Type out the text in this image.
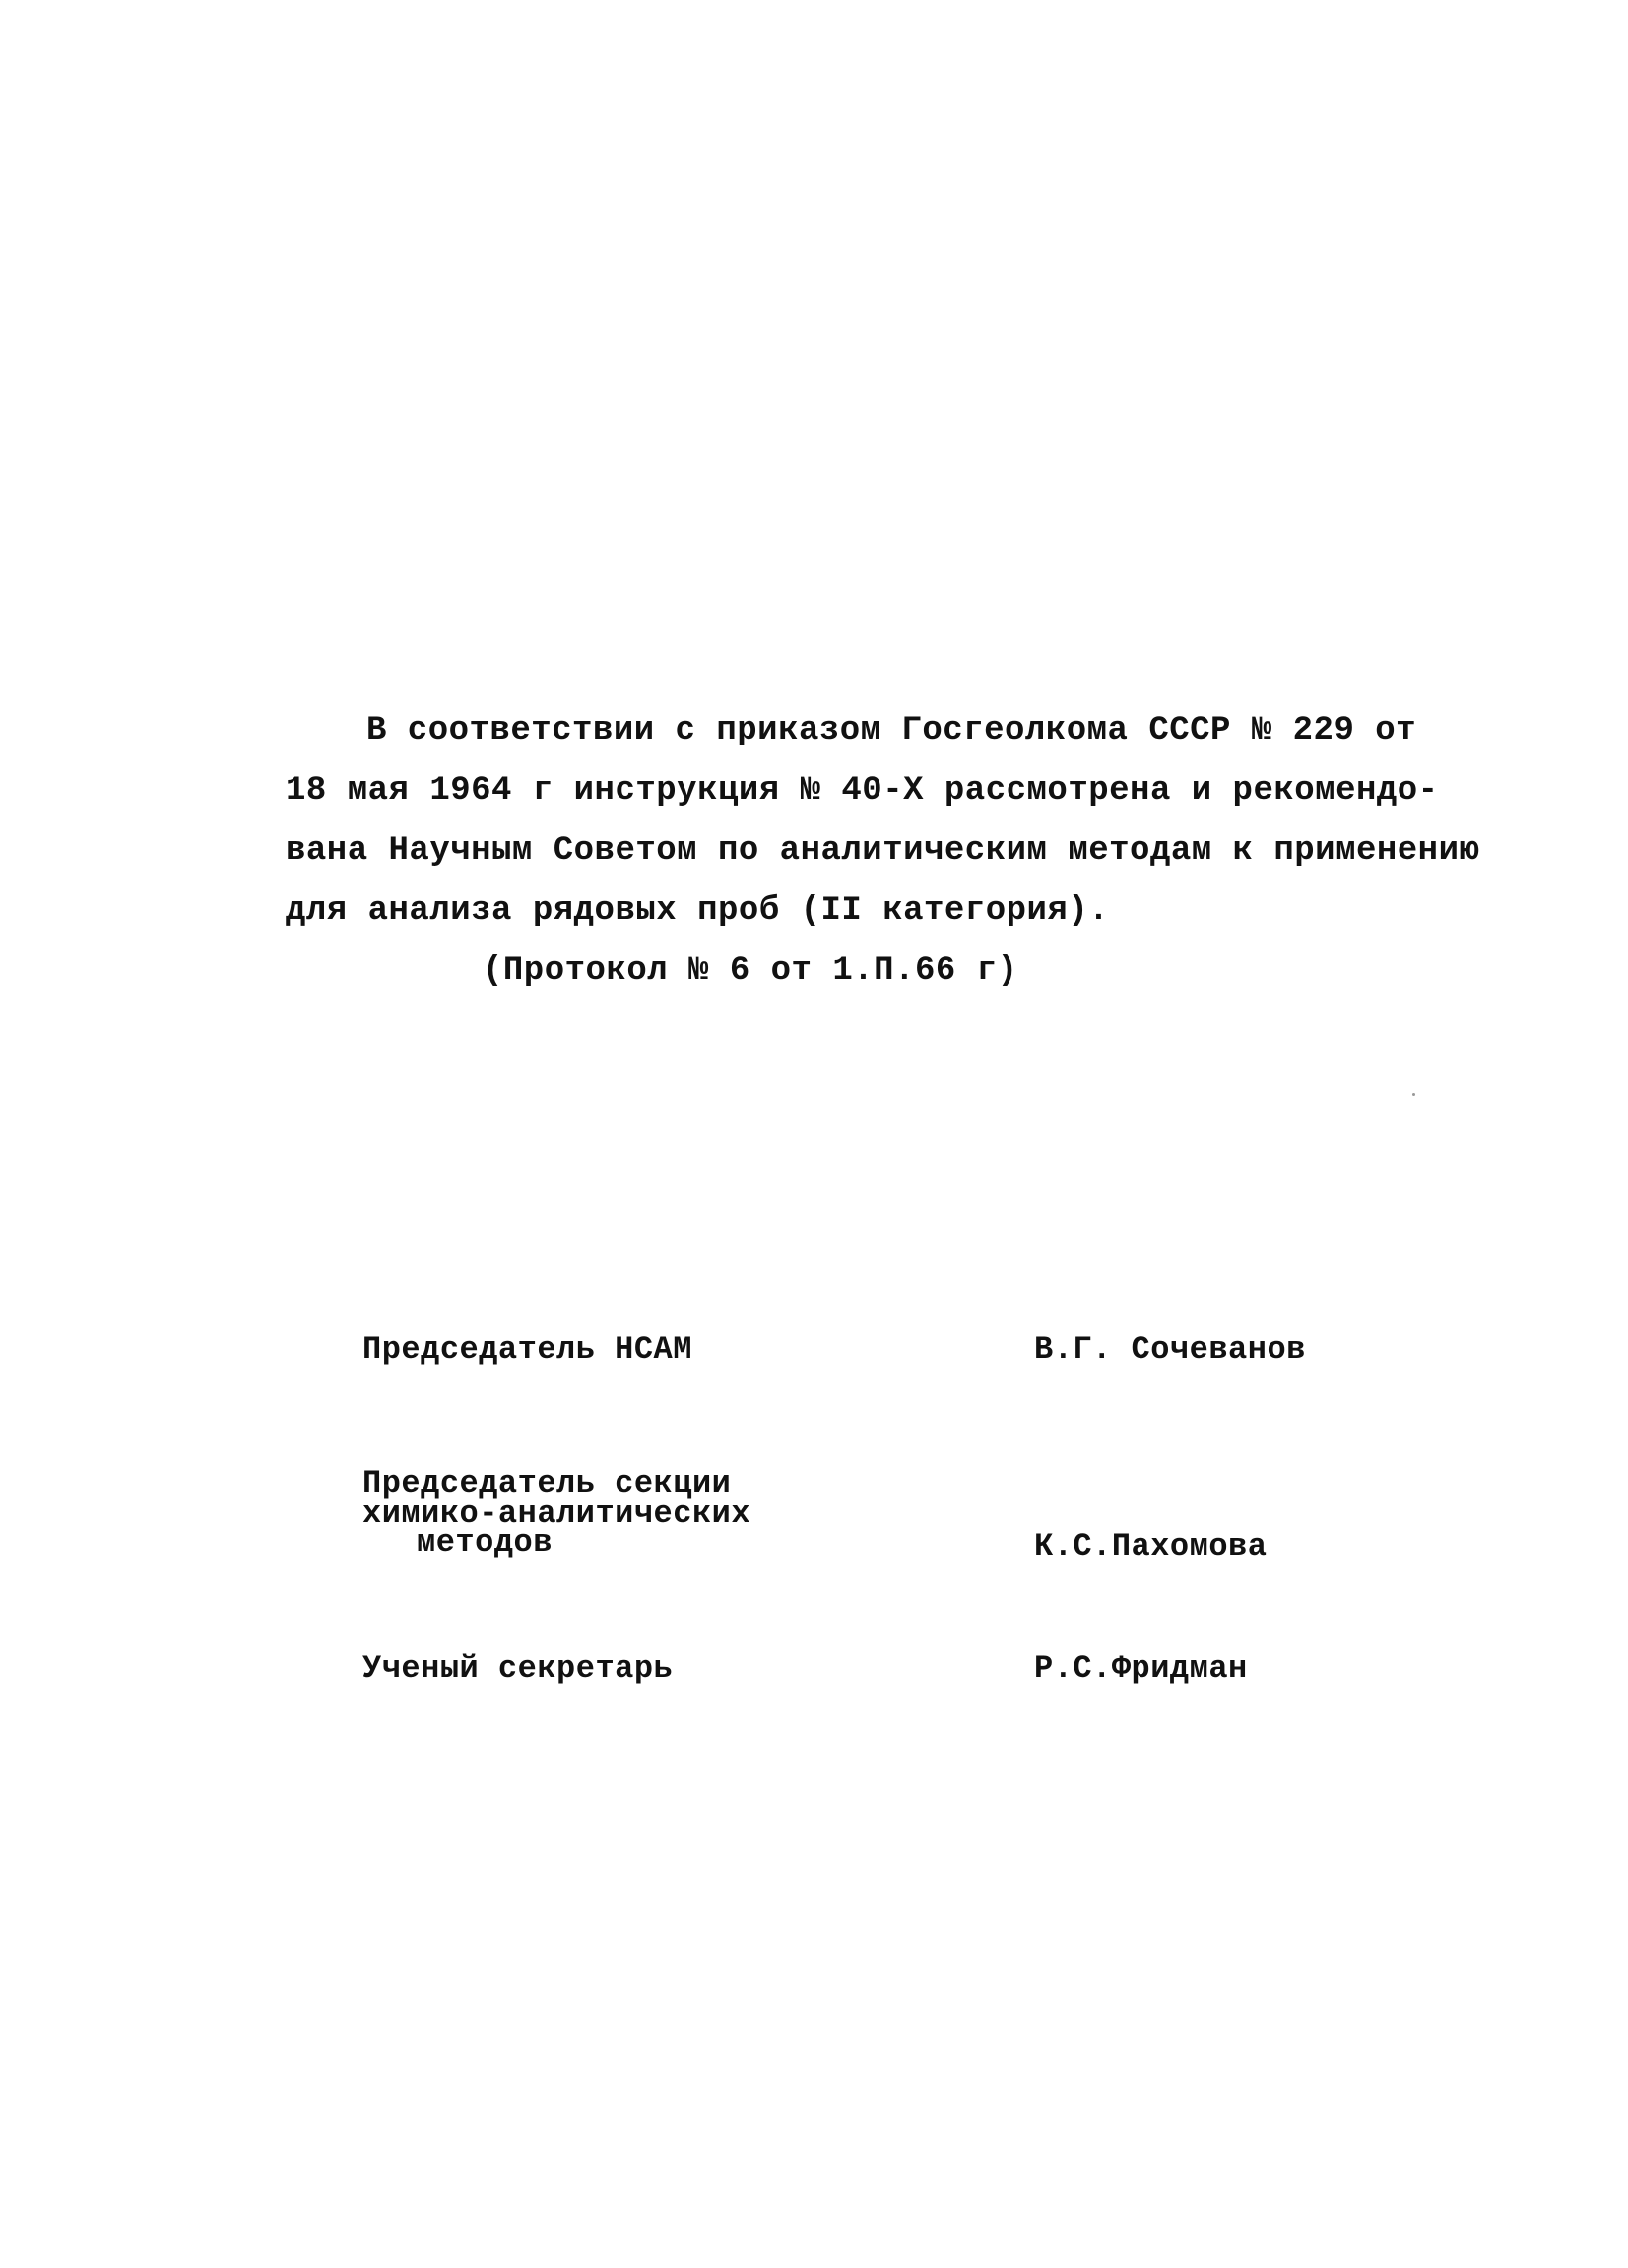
В соответствии с приказом Госгеолкома СССР № 229 от
18 мая 1964 г инструкция № 40-Х рассмотрена и рекомендо-
вана Научным Советом по аналитическим методам к применению
для анализа рядовых проб (II категория).
(Протокол № 6 от 1.П.66 г)
Председатель НСАМ	В.Г. Сочеванов
Председатель секции
химико-аналитических
методов	К.С.Пахомова
Ученый секретарь	Р.С.Фридман
